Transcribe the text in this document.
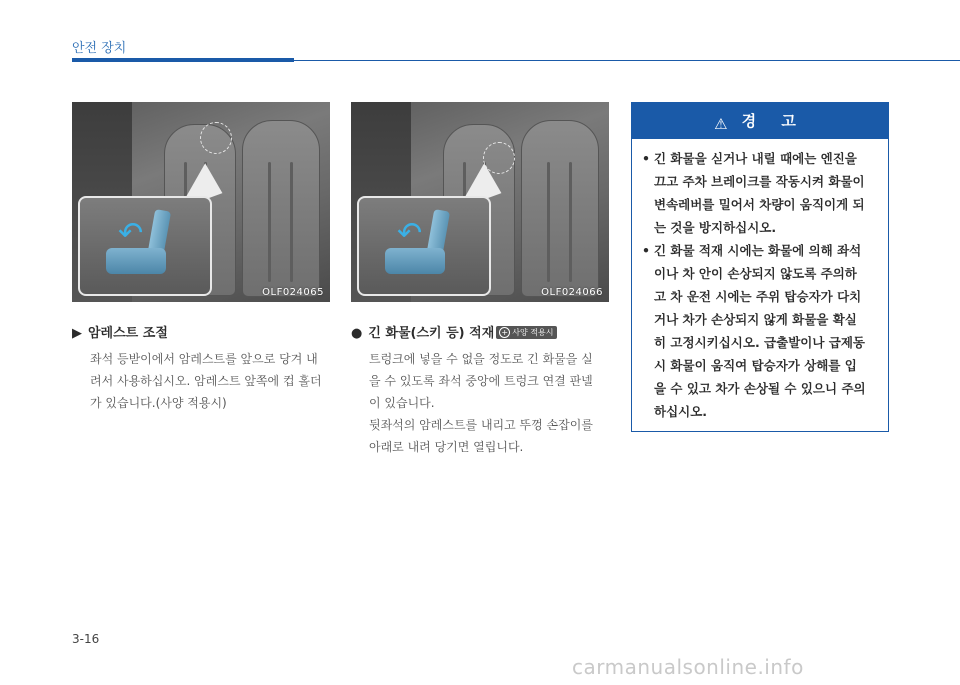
안전 장치
↶
OLF024065
↶
OLF024066
▶ 암레스트 조절
좌석 등받이에서 암레스트를 앞으로 당겨 내
려서 사용하십시오. 암레스트 앞쪽에 컵 홀더
가 있습니다.(사양 적용시)
● 긴 화물(스키 등) 적재 + 사양 적용시
트렁크에 넣을 수 없을 정도로 긴 화물을 실
을 수 있도록 좌석 중앙에 트렁크 연결 판넬
이 있습니다.
뒷좌석의 암레스트를 내리고 뚜껑 손잡이를
아래로 내려 당기면 열립니다.
⚠ 경 고
• 긴 화물을 싣거나 내릴 때에는 엔진을
끄고 주차 브레이크를 작동시켜 화물이
변속레버를 밀어서 차량이 움직이게 되
는 것을 방지하십시오.
• 긴 화물 적재 시에는 화물에 의해 좌석
이나 차 안이 손상되지 않도록 주의하
고 차 운전 시에는 주위 탑승자가 다치
거나 차가 손상되지 않게 화물을 확실
히 고정시키십시오. 급출발이나 급제동
시 화물이 움직여 탑승자가 상해를 입
을 수 있고 차가 손상될 수 있으니 주의
하십시오.
3-16
carmanualsonline.info
